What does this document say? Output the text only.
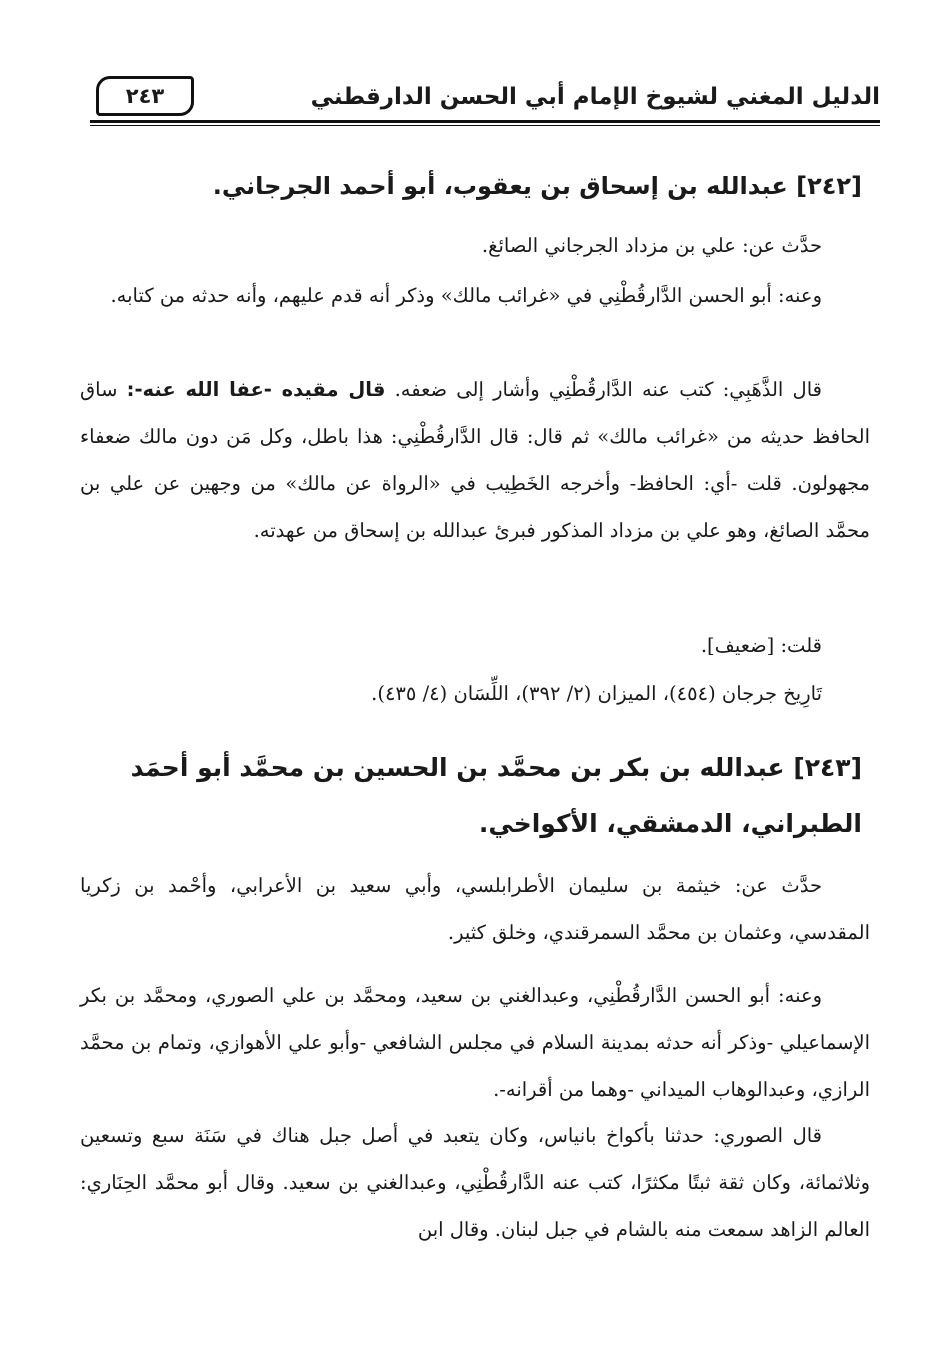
الدليل المغني لشيوخ الإمام أبي الحسن الدارقطني
٢٤٣
[٢٤٢] عبدالله بن إسحاق بن يعقوب، أبو أحمد الجرجاني.
حدَّث عن: علي بن مزداد الجرجاني الصائغ.
وعنه: أبو الحسن الدَّارقُطْنِي في «غرائب مالك» وذكر أنه قدم عليهم، وأنه حدثه من كتابه.
قال الذَّهَبِي: كتب عنه الدَّارقُطْنِي وأشار إلى ضعفه. قال مقيده -عفا الله عنه-: ساق الحافظ حديثه من «غرائب مالك» ثم قال: قال الدَّارقُطْنِي: هذا باطل، وكل مَن دون مالك ضعفاء مجهولون. قلت -أي: الحافظ- وأخرجه الخَطِيب في «الرواة عن مالك» من وجهين عن علي بن محمَّد الصائغ، وهو علي بن مزداد المذكور فبرئ عبدالله بن إسحاق من عهدته.
قلت: [ضعيف].
تَارِيخ جرجان (٤٥٤)، الميزان (٢/ ٣٩٢)، اللِّسَان (٤/ ٤٣٥).
[٢٤٣] عبدالله بن بكر بن محمَّد بن الحسين بن محمَّد أبو أحمَد الطبراني، الدمشقي، الأكواخي.
حدَّث عن: خيثمة بن سليمان الأطرابلسي، وأبي سعيد بن الأعرابي، وأحْمد بن زكريا المقدسي، وعثمان بن محمَّد السمرقندي، وخلق كثير.
وعنه: أبو الحسن الدَّارقُطْنِي، وعبدالغني بن سعيد، ومحمَّد بن علي الصوري، ومحمَّد بن بكر الإسماعيلي -وذكر أنه حدثه بمدينة السلام في مجلس الشافعي -وأبو علي الأهوازي، وتمام بن محمَّد الرازي، وعبدالوهاب الميداني -وهما من أقرانه-.
قال الصوري: حدثنا بأكواخ بانياس، وكان يتعبد في أصل جبل هناك في سَنَة سبع وتسعين وثلاثمائة، وكان ثقة ثبتًا مكثرًا، كتب عنه الدَّارقُطْنِي، وعبدالغني بن سعيد. وقال أبو محمَّد الحِنَاري: العالم الزاهد سمعت منه بالشام في جبل لبنان. وقال ابن
